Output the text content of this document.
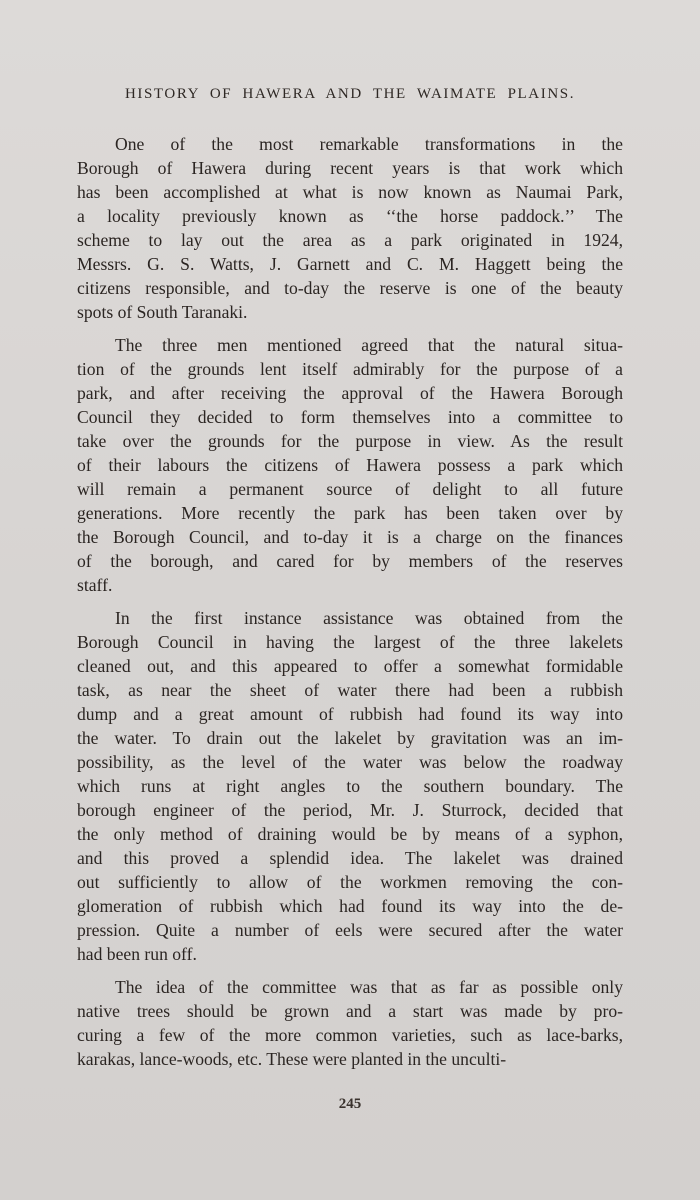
HISTORY OF HAWERA AND THE WAIMATE PLAINS.

One of the most remarkable transformations in the
Borough of Hawera during recent years is that work which
has been accomplished at what is now known as Naumai Park,
a locality previously known as ‘‘the horse paddock.’’ The
scheme to lay out the area as a park originated in 1924,
Messrs. G. S. Watts, J. Garnett and C. M. Haggett being the
citizens responsible, and to-day the reserve is one of the beauty
spots of South Taranaki.

The three men mentioned agreed that the natural situa-
tion of the grounds lent itself admirably for the purpose of a
park, and after receiving the approval of the Hawera Borough
Council they decided to form themselves into a committee to
take over the grounds for the purpose in view. As the result
of their labours the citizens of Hawera possess a park which
will remain a permanent source of delight to all future
generations. More recently the park has been taken over by
the Borough Council, and to-day it is a charge on the finances
of the borough, and cared for by members of the reserves
staff.

In the first instance assistance was obtained from the
Borough Council in having the largest of the three lakelets
cleaned out, and this appeared to offer a somewhat formidable
task, as near the sheet of water there had been a rubbish
dump and a great amount of rubbish had found its way into
the water. To drain out the lakelet by gravitation was an im-
possibility, as the level of the water was below the roadway
which runs at right angles to the southern boundary. The
borough engineer of the period, Mr. J. Sturrock, decided that
the only method of draining would be by means of a syphon,
and this proved a splendid idea. The lakelet was drained
out sufficiently to allow of the workmen removing the con-
glomeration of rubbish which had found its way into the de-
pression. Quite a number of eels were secured after the water
had been run off.

The idea of the committee was that as far as possible only
native trees should be grown and a start was made by pro-
curing a few of the more common varieties, such as lace-barks,
karakas, lance-woods, etc. These were planted in the unculti-

245
